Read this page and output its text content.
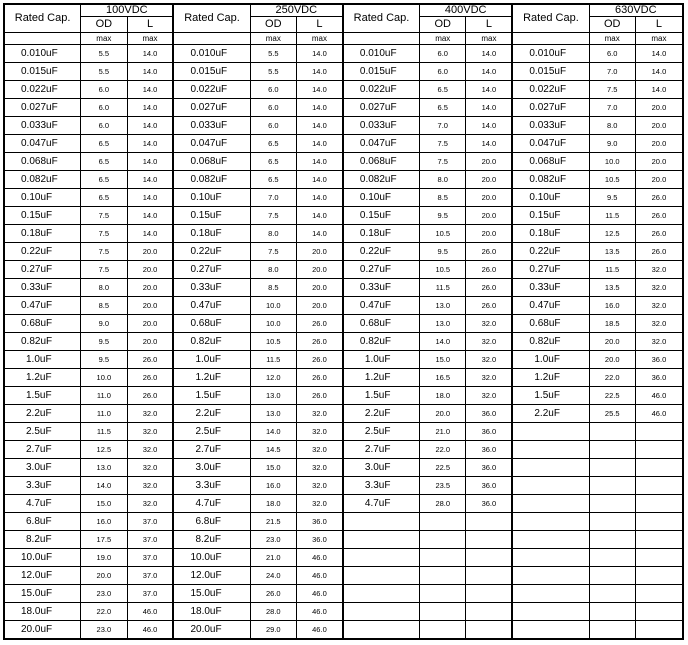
Rated Cap.	100VDC		Rated Cap.	250VDC		Rated Cap.	400VDC		Rated Cap.	630VDC	
	OD	L		OD	L		OD	L		OD	L
	max	max		max	max		max	max		max	max
0.010uF	5.5	14.0	0.010uF	5.5	14.0	0.010uF	6.0	14.0	0.010uF	6.0	14.0
0.015uF	5.5	14.0	0.015uF	5.5	14.0	0.015uF	6.0	14.0	0.015uF	7.0	14.0
0.022uF	6.0	14.0	0.022uF	6.0	14.0	0.022uF	6.5	14.0	0.022uF	7.5	14.0
0.027uF	6.0	14.0	0.027uF	6.0	14.0	0.027uF	6.5	14.0	0.027uF	7.0	20.0
0.033uF	6.0	14.0	0.033uF	6.0	14.0	0.033uF	7.0	14.0	0.033uF	8.0	20.0
0.047uF	6.5	14.0	0.047uF	6.5	14.0	0.047uF	7.5	14.0	0.047uF	9.0	20.0
0.068uF	6.5	14.0	0.068uF	6.5	14.0	0.068uF	7.5	20.0	0.068uF	10.0	20.0
0.082uF	6.5	14.0	0.082uF	6.5	14.0	0.082uF	8.0	20.0	0.082uF	10.5	20.0
0.10uF	6.5	14.0	0.10uF	7.0	14.0	0.10uF	8.5	20.0	0.10uF	9.5	26.0
0.15uF	7.5	14.0	0.15uF	7.5	14.0	0.15uF	9.5	20.0	0.15uF	11.5	26.0
0.18uF	7.5	14.0	0.18uF	8.0	14.0	0.18uF	10.5	20.0	0.18uF	12.5	26.0
0.22uF	7.5	20.0	0.22uF	7.5	20.0	0.22uF	9.5	26.0	0.22uF	13.5	26.0
0.27uF	7.5	20.0	0.27uF	8.0	20.0	0.27uF	10.5	26.0	0.27uF	11.5	32.0
0.33uF	8.0	20.0	0.33uF	8.5	20.0	0.33uF	11.5	26.0	0.33uF	13.5	32.0
0.47uF	8.5	20.0	0.47uF	10.0	20.0	0.47uF	13.0	26.0	0.47uF	16.0	32.0
0.68uF	9.0	20.0	0.68uF	10.0	26.0	0.68uF	13.0	32.0	0.68uF	18.5	32.0
0.82uF	9.5	20.0	0.82uF	10.5	26.0	0.82uF	14.0	32.0	0.82uF	20.0	32.0
1.0uF	9.5	26.0	1.0uF	11.5	26.0	1.0uF	15.0	32.0	1.0uF	20.0	36.0
1.2uF	10.0	26.0	1.2uF	12.0	26.0	1.2uF	16.5	32.0	1.2uF	22.0	36.0
1.5uF	11.0	26.0	1.5uF	13.0	26.0	1.5uF	18.0	32.0	1.5uF	22.5	46.0
2.2uF	11.0	32.0	2.2uF	13.0	32.0	2.2uF	20.0	36.0	2.2uF	25.5	46.0
2.5uF	11.5	32.0	2.5uF	14.0	32.0	2.5uF	21.0	36.0			
2.7uF	12.5	32.0	2.7uF	14.5	32.0	2.7uF	22.0	36.0			
3.0uF	13.0	32.0	3.0uF	15.0	32.0	3.0uF	22.5	36.0			
3.3uF	14.0	32.0	3.3uF	16.0	32.0	3.3uF	23.5	36.0			
4.7uF	15.0	32.0	4.7uF	18.0	32.0	4.7uF	28.0	36.0			
6.8uF	16.0	37.0	6.8uF	21.5	36.0						
8.2uF	17.5	37.0	8.2uF	23.0	36.0						
10.0uF	19.0	37.0	10.0uF	21.0	46.0						
12.0uF	20.0	37.0	12.0uF	24.0	46.0						
15.0uF	23.0	37.0	15.0uF	26.0	46.0						
18.0uF	22.0	46.0	18.0uF	28.0	46.0						
20.0uF	23.0	46.0	20.0uF	29.0	46.0						
